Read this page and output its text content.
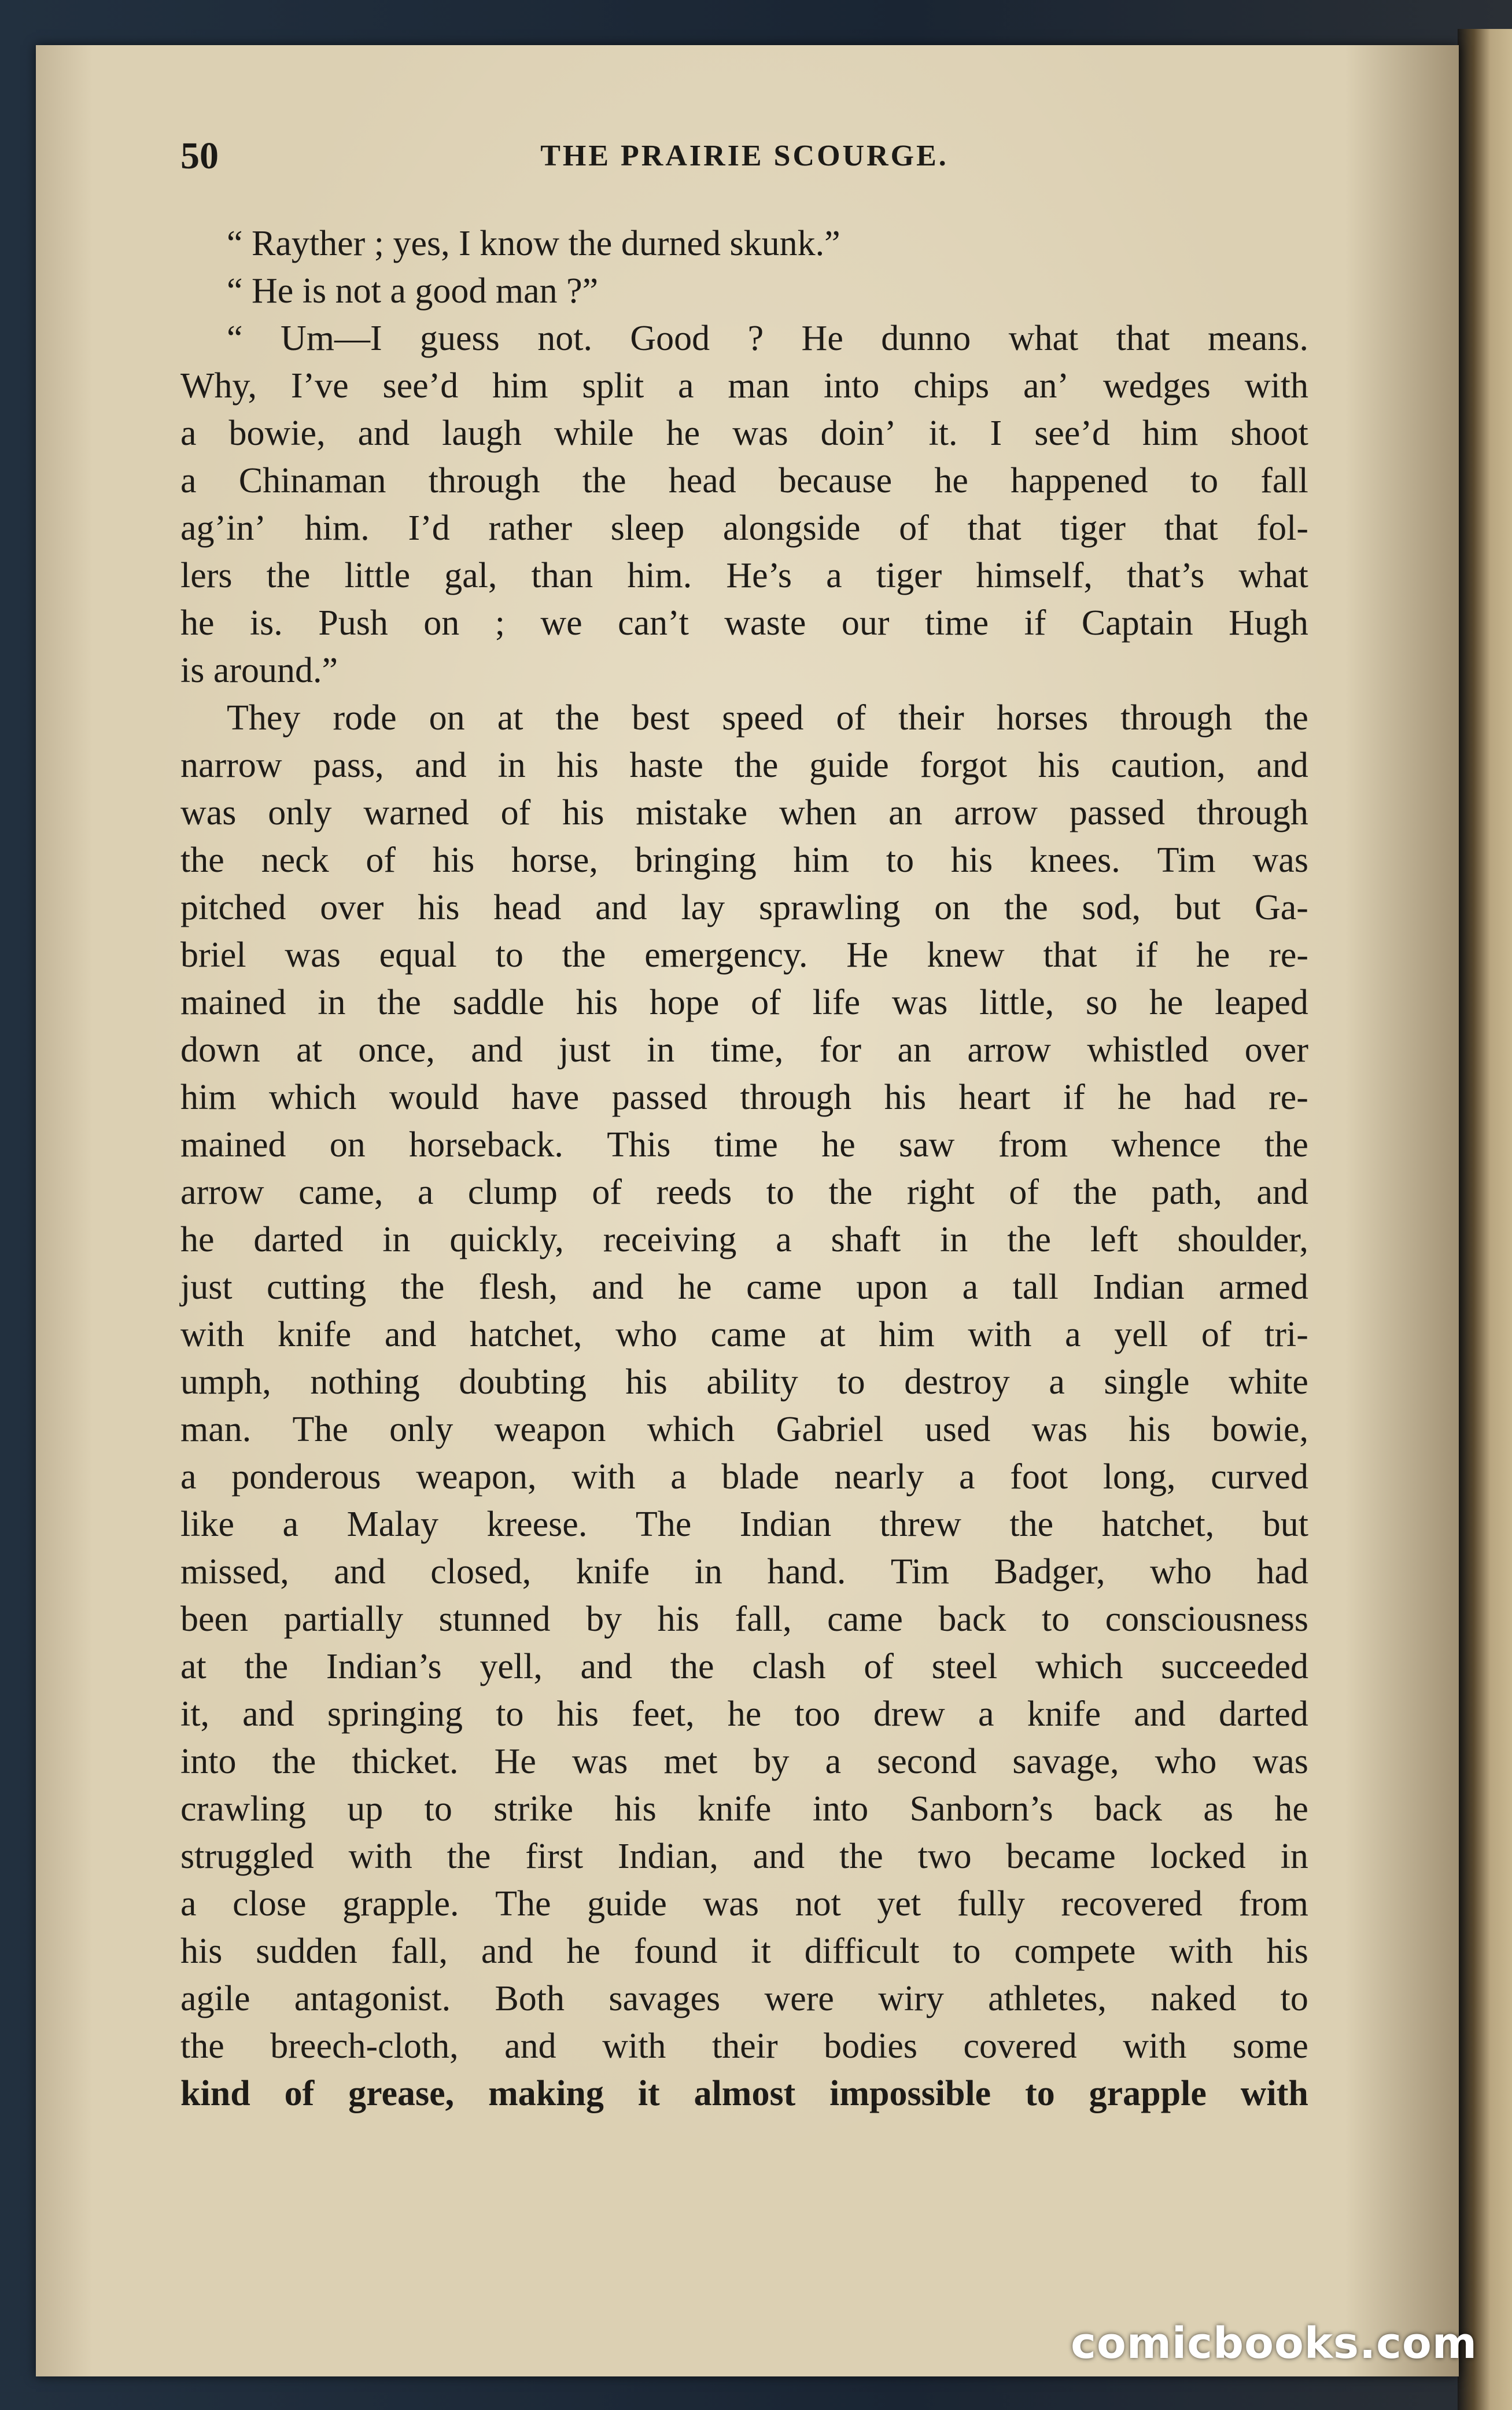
50	THE PRAIRIE SCOURGE.
“ Rayther ; yes, I know the durned skunk.”
“ He is not a good man ?”
“ Um—I guess not. Good ? He dunno what that means.
Why, I’ve see’d him split a man into chips an’ wedges with
a bowie, and laugh while he was doin’ it. I see’d him shoot
a Chinaman through the head because he happened to fall
ag’in’ him. I’d rather sleep alongside of that tiger that fol-
lers the little gal, than him. He’s a tiger himself, that’s what
he is. Push on ; we can’t waste our time if Captain Hugh
is around.”
They rode on at the best speed of their horses through the
narrow pass, and in his haste the guide forgot his caution, and
was only warned of his mistake when an arrow passed through
the neck of his horse, bringing him to his knees. Tim was
pitched over his head and lay sprawling on the sod, but Ga-
briel was equal to the emergency. He knew that if he re-
mained in the saddle his hope of life was little, so he leaped
down at once, and just in time, for an arrow whistled over
him which would have passed through his heart if he had re-
mained on horseback. This time he saw from whence the
arrow came, a clump of reeds to the right of the path, and
he darted in quickly, receiving a shaft in the left shoulder,
just cutting the flesh, and he came upon a tall Indian armed
with knife and hatchet, who came at him with a yell of tri-
umph, nothing doubting his ability to destroy a single white
man. The only weapon which Gabriel used was his bowie,
a ponderous weapon, with a blade nearly a foot long, curved
like a Malay kreese. The Indian threw the hatchet, but
missed, and closed, knife in hand. Tim Badger, who had
been partially stunned by his fall, came back to consciousness
at the Indian’s yell, and the clash of steel which succeeded
it, and springing to his feet, he too drew a knife and darted
into the thicket. He was met by a second savage, who was
crawling up to strike his knife into Sanborn’s back as he
struggled with the first Indian, and the two became locked in
a close grapple. The guide was not yet fully recovered from
his sudden fall, and he found it difficult to compete with his
agile antagonist. Both savages were wiry athletes, naked to
the breech-cloth, and with their bodies covered with some
kind of grease, making it almost impossible to grapple with
comicbooks.com
